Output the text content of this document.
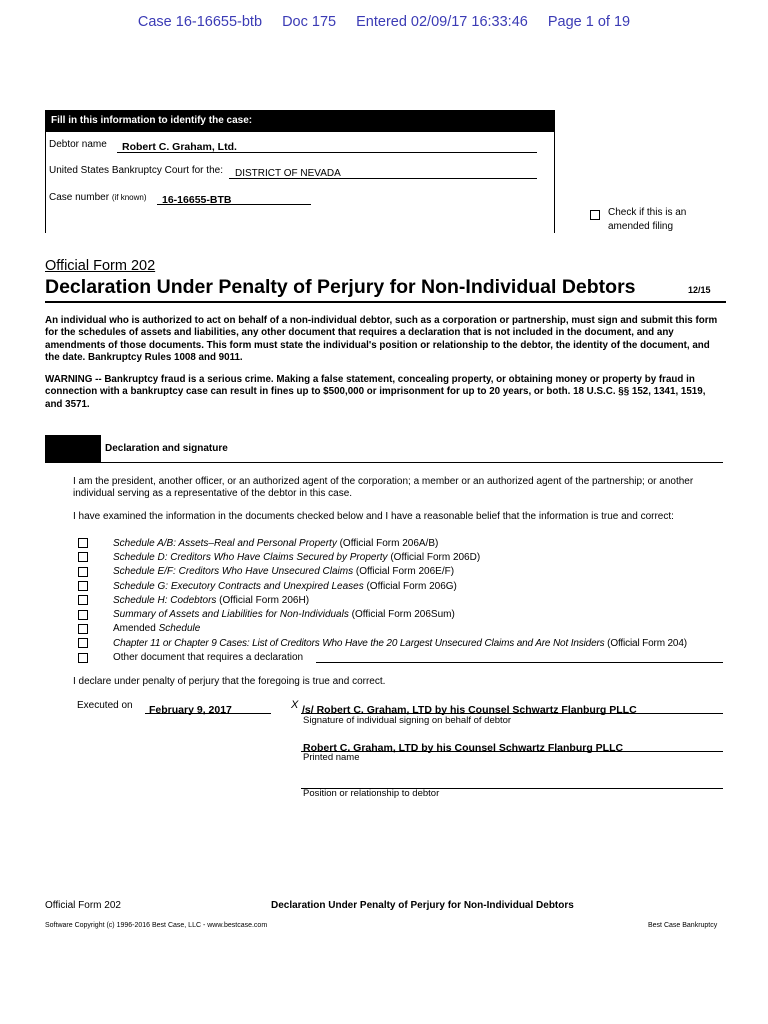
Case 16-16655-btb Doc 175 Entered 02/09/17 16:33:46 Page 1 of 19
Fill in this information to identify the case:
Debtor name	Robert C. Graham, Ltd.
United States Bankruptcy Court for the:	DISTRICT OF NEVADA
Case number (if known)	16-16655-BTB
Check if this is an
amended filing
Official Form 202
Declaration Under Penalty of Perjury for Non-Individual Debtors	12/15
An individual who is authorized to act on behalf of a non-individual debtor, such as a corporation or partnership, must sign and submit this form for the schedules of assets and liabilities, any other document that requires a declaration that is not included in the document, and any amendments of those documents. This form must state the individual's position or relationship to the debtor, the identity of the document, and the date. Bankruptcy Rules 1008 and 9011.
WARNING -- Bankruptcy fraud is a serious crime. Making a false statement, concealing property, or obtaining money or property by fraud in connection with a bankruptcy case can result in fines up to $500,000 or imprisonment for up to 20 years, or both. 18 U.S.C. §§ 152, 1341, 1519, and 3571.
Declaration and signature
I am the president, another officer, or an authorized agent of the corporation; a member or an authorized agent of the partnership; or another individual serving as a representative of the debtor in this case.
I have examined the information in the documents checked below and I have a reasonable belief that the information is true and correct:
Schedule A/B: Assets–Real and Personal Property (Official Form 206A/B)
Schedule D: Creditors Who Have Claims Secured by Property (Official Form 206D)
Schedule E/F: Creditors Who Have Unsecured Claims (Official Form 206E/F)
Schedule G: Executory Contracts and Unexpired Leases (Official Form 206G)
Schedule H: Codebtors (Official Form 206H)
Summary of Assets and Liabilities for Non-Individuals (Official Form 206Sum)
Amended Schedule
Chapter 11 or Chapter 9 Cases: List of Creditors Who Have the 20 Largest Unsecured Claims and Are Not Insiders (Official Form 204)
Other document that requires a declaration
I declare under penalty of perjury that the foregoing is true and correct.
Executed on	February 9, 2017	X /s/ Robert C. Graham, LTD by his Counsel Schwartz Flanburg PLLC
Signature of individual signing on behalf of debtor
Robert C. Graham, LTD by his Counsel Schwartz Flanburg PLLC
Printed name
Position or relationship to debtor
Official Form 202	Declaration Under Penalty of Perjury for Non-Individual Debtors
Software Copyright (c) 1996-2016 Best Case, LLC - www.bestcase.com	Best Case Bankruptcy
